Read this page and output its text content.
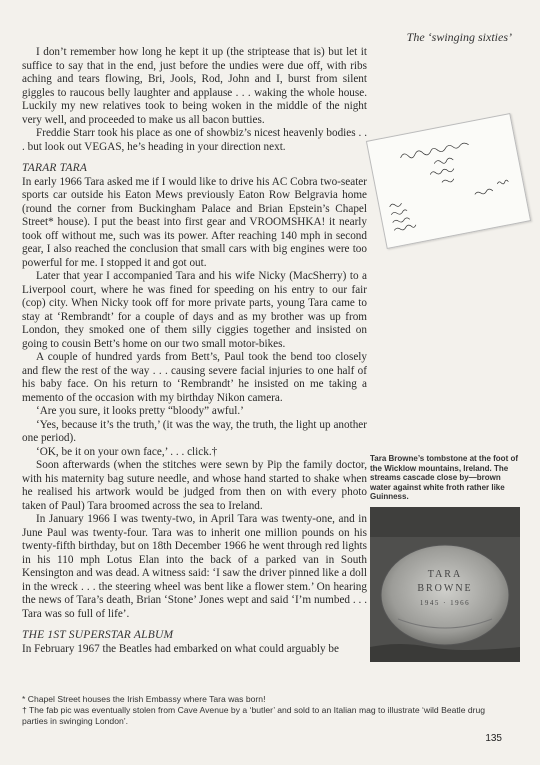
The ‘swinging sixties’

I don’t remember how long he kept it up (the striptease that is) but let it suffice to say that in the end, just before the undies were due off, with ribs aching and tears flowing, Bri, Jools, Rod, John and I, burst from silent giggles to raucous belly laughter and applause . . . waking the whole house. Luckily my new relatives took to being woken in the middle of the night very well, and proceeded to make us all bacon butties.

Freddie Starr took his place as one of showbiz’s nicest heavenly bodies . . . but look out VEGAS, he’s heading in your direction next.

TARAR TARA

In early 1966 Tara asked me if I would like to drive his AC Cobra two-seater sports car outside his Eaton Mews previously Eaton Row Belgravia home (round the corner from Buckingham Palace and Brian Epstein’s Chapel Street* house). I put the beast into first gear and VROOMSHKA! it nearly took off without me, such was its power. After reaching 140 mph in second gear, I also reached the conclusion that small cars with big engines were too powerful for me. I stopped it and got out.

Later that year I accompanied Tara and his wife Nicky (MacSherry) to a Liverpool court, where he was fined for speeding on his entry to our fair (cop) city. When Nicky took off for more private parts, young Tara came to stay at ‘Rembrandt’ for a couple of days and as my brother was up from London, they smoked one of them silly ciggies together and insisted on going to cousin Bett’s home on our two small motor-bikes.

A couple of hundred yards from Bett’s, Paul took the bend too closely and flew the rest of the way . . . causing severe facial injuries to one half of his baby face. On his return to ‘Rembrandt’ he insisted on me taking a memento of the occasion with my birthday Nikon camera.

‘Are you sure, it looks pretty “bloody” awful.’

‘Yes, because it’s the truth,’ (it was the way, the truth, the light up another one period).

‘OK, be it on your own face,’ . . . click.†

Soon afterwards (when the stitches were sewn by Pip the family doctor, with his maternity bag suture needle, and whose hand started to shake when he realised his artwork would be judged from then on with every photo taken of Paul) Tara broomed across the sea to Ireland.

In January 1966 I was twenty-two, in April Tara was twenty-one, and in June Paul was twenty-four. Tara was to inherit one million pounds on his twenty-fifth birthday, but on 18th December 1966 he went through red lights in his 110 mph Lotus Elan into the back of a parked van in South Kensington and was dead. A witness said: ‘I saw the driver pinned like a doll in the wreck . . . the steering wheel was bent like a flower stem.’ On hearing the news of Tara’s death, Brian ‘Stone’ Jones wept and said ‘I’m numbed . . . Tara was so full of life’.

THE 1ST SUPERSTAR ALBUM

In February 1967 the Beatles had embarked on what could arguably be

Tara Browne’s tombstone at the foot of the Wicklow mountains, Ireland. The streams cascade close by—brown water against white froth rather like Guinness.
TARA
BROWNE
1945 · 1966

* Chapel Street houses the Irish Embassy where Tara was born!

† The fab pic was eventually stolen from Cave Avenue by a ‘butler’ and sold to an Italian mag to illustrate ‘wild Beatle drug parties in swinging London’.

135
